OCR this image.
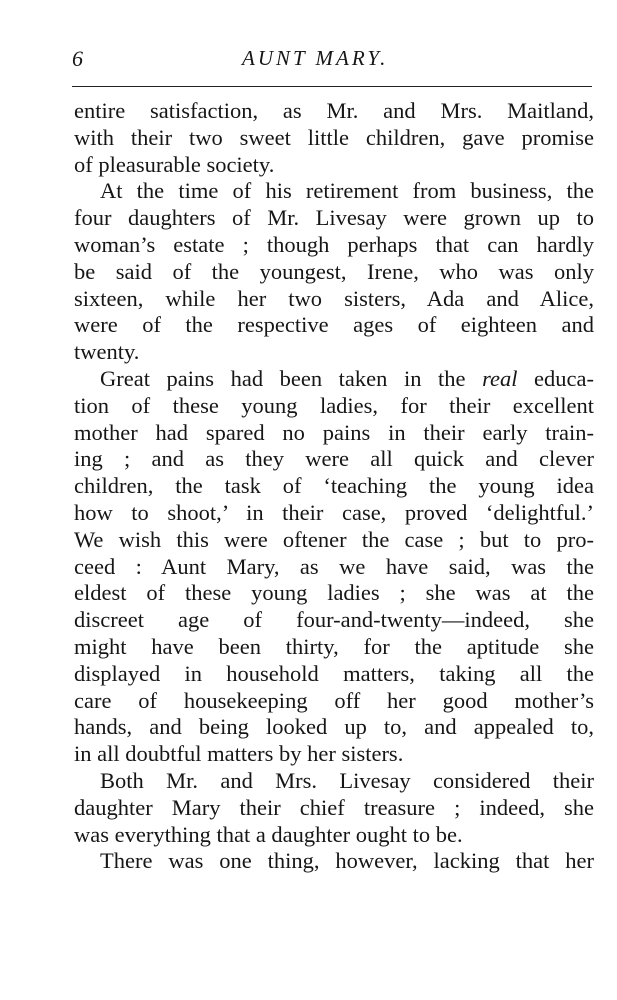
6	AUNT MARY.

entire satisfaction, as Mr. and Mrs. Maitland,
with their two sweet little children, gave promise
of pleasurable society.

At the time of his retirement from business, the
four daughters of Mr. Livesay were grown up to
woman’s estate ; though perhaps that can hardly
be said of the youngest, Irene, who was only
sixteen, while her two sisters, Ada and Alice,
were of the respective ages of eighteen and
twenty.

Great pains had been taken in the real educa-
tion of these young ladies, for their excellent
mother had spared no pains in their early train-
ing ; and as they were all quick and clever
children, the task of ‘teaching the young idea
how to shoot,’ in their case, proved ‘delightful.’
We wish this were oftener the case ; but to pro-
ceed : Aunt Mary, as we have said, was the
eldest of these young ladies ; she was at the
discreet age of four-and-twenty—indeed, she
might have been thirty, for the aptitude she
displayed in household matters, taking all the
care of housekeeping off her good mother’s
hands, and being looked up to, and appealed to,
in all doubtful matters by her sisters.

Both Mr. and Mrs. Livesay considered their
daughter Mary their chief treasure ; indeed, she
was everything that a daughter ought to be.

There was one thing, however, lacking that her
